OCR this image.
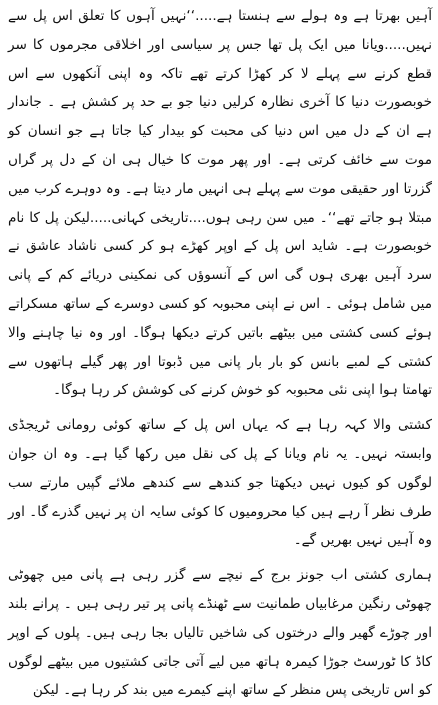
آہیں بھرتا ہے وہ ہولے سے ہنستا ہے.....‘‘نہیں آہوں کا تعلق اس پل سے نہیں.....ویانا میں ایک پل تھا جس پر سیاسی اور اخلاقی مجرموں کا سر قطع کرنے سے پہلے لا کر کھڑا کرتے تھے تاکہ وہ اپنی آنکھوں سے اس خوبصورت دنیا کا آخری نظارہ کرلیں دنیا جو بے حد پر کشش ہے ۔ جاندار ہے ان کے دل میں اس دنیا کی محبت کو بیدار کیا جاتا ہے جو انسان کو موت سے خائف کرتی ہے۔ اور پھر موت کا خیال ہی ان کے دل پر گراں گزرتا اور حقیقی موت سے پہلے ہی انہیں مار دیتا ہے۔ وہ دوہرے کرب میں مبتلا ہو جاتے تھے‘‘۔ میں سن رہی ہوں....تاریخی کہانی.....لیکن پل کا نام خوبصورت ہے۔ شاید اس پل کے اوپر کھڑے ہو کر کسی ناشاد عاشق نے سرد آہیں بھری ہوں گی اس کے آنسوؤں کی نمکینی دریائے کم کے پانی میں شامل ہوئی ۔ اس نے اپنی محبوبہ کو کسی دوسرے کے ساتھ مسکراتے ہوئے کسی کشتی میں بیٹھے باتیں کرتے دیکھا ہوگا۔ اور وہ نیا چاہنے والا کشتی کے لمبے بانس کو بار بار پانی میں ڈبوتا اور پھر گیلے ہاتھوں سے تھامتا ہوا اپنی نئی محبوبہ کو خوش کرنے کی کوشش کر رہا ہوگا۔

کشتی والا کہہ رہا ہے کہ یہاں اس پل کے ساتھ کوئی رومانی ٹریجڈی وابستہ نہیں۔ یہ نام ویانا کے پل کی نقل میں رکھا گیا ہے۔ وہ ان جوان لوگوں کو کیوں نہیں دیکھتا جو کندھے سے کندھے ملائے گپیں مارتے سب طرف نظر آ رہے ہیں کیا محرومیوں کا کوئی سایہ ان پر نہیں گذرے گا۔ اور وہ آہیں نہیں بھریں گے۔

ہماری کشتی اب جونز برج کے نیچے سے گزر رہی ہے پانی میں چھوٹی چھوٹی رنگین مرغابیاں طمانیت سے ٹھنڈے پانی پر تیر رہی ہیں ۔ پرانے بلند اور چوڑے گھیر والے درختوں کی شاخیں تالیاں بجا رہی ہیں۔ پلوں کے اوپر کاڈ کا ٹورسٹ جوڑا کیمرہ ہاتھ میں لیے آتی جاتی کشتیوں میں بیٹھے لوگوں کو اس تاریخی پس منظر کے ساتھ اپنے کیمرے میں بند کر رہا ہے۔ لیکن
